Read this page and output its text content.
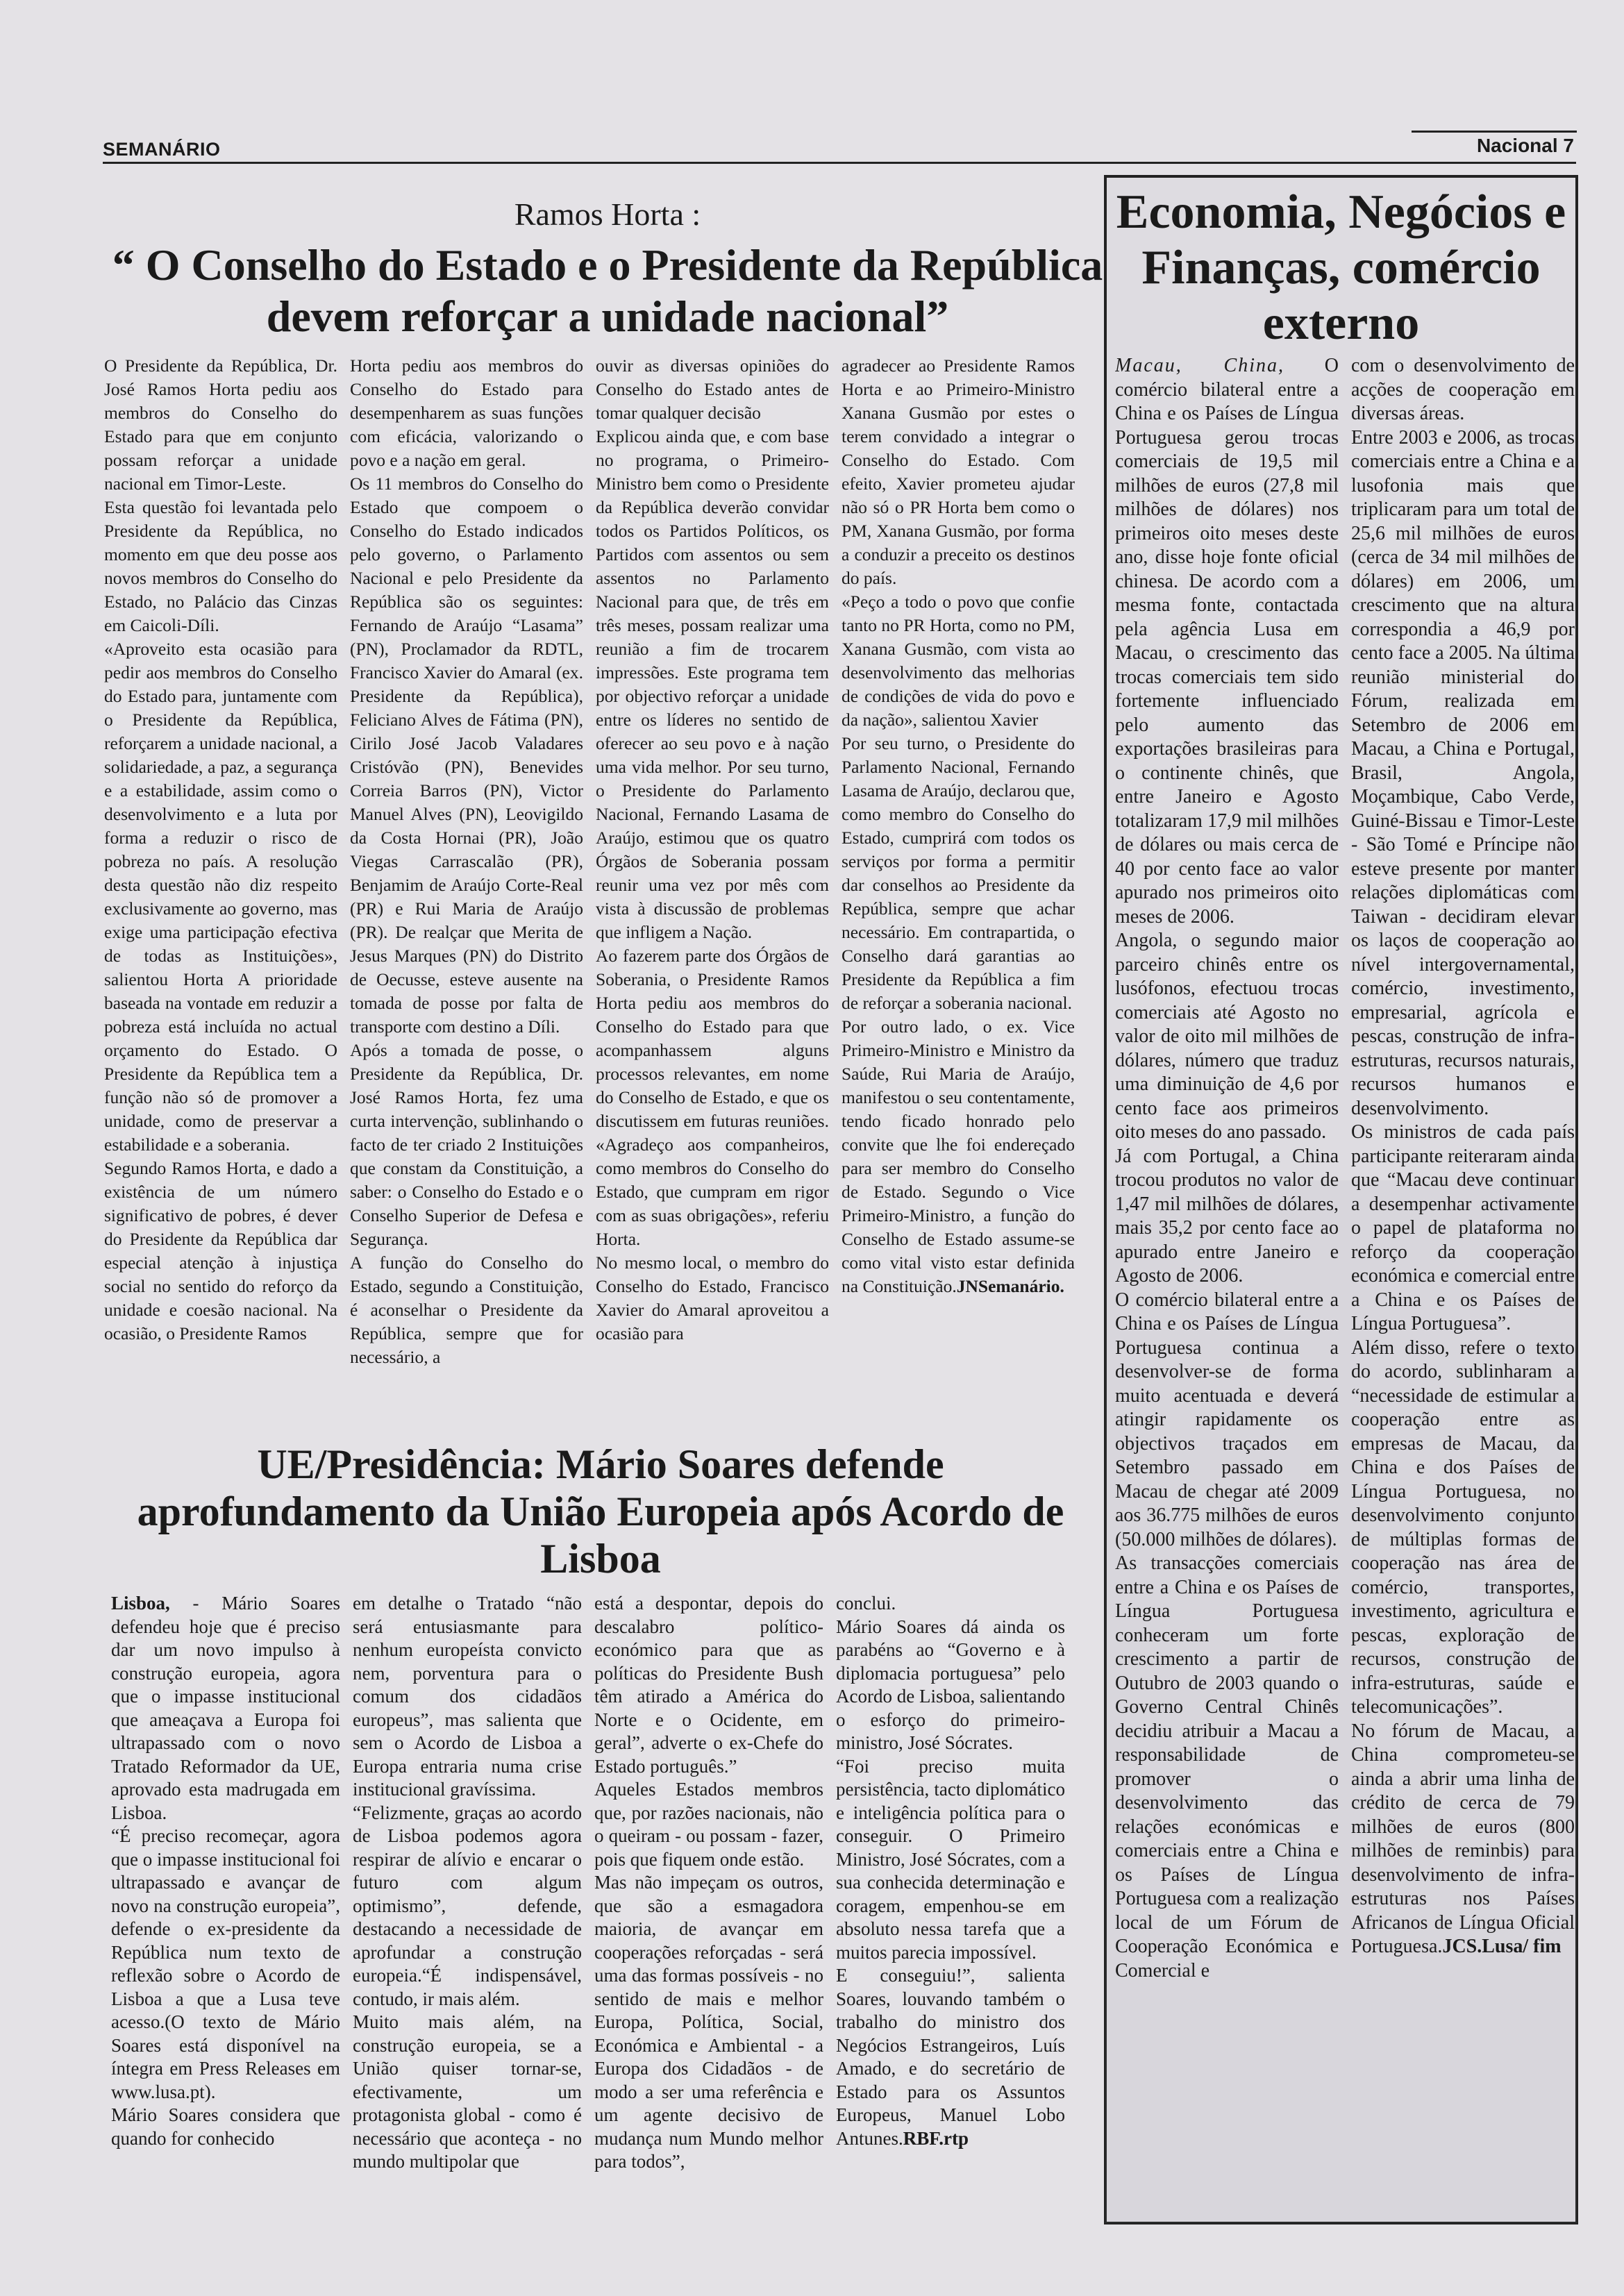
SEMANÁRIO	Nacional 7
Ramos Horta :
“ O Conselho do Estado e o Presidente da República devem reforçar a unidade nacional”

O Presidente da República, Dr. José Ramos Horta pediu aos membros do Conselho do Estado para que em conjunto possam reforçar a unidade nacional em Timor-Leste.

Esta questão foi levantada pelo Presidente da República, no momento em que deu posse aos novos membros do Conselho do Estado, no Palácio das Cinzas em Caicoli-Díli.

«Aproveito esta ocasião para pedir aos membros do Conselho do Estado para, juntamente com o Presidente da República, reforçarem a unidade nacional, a solidariedade, a paz, a segurança e a estabilidade, assim como o desenvolvimento e a luta por forma a reduzir o risco de pobreza no país. A resolução desta questão não diz respeito exclusivamente ao governo, mas exige uma participação efectiva de todas as Instituições», salientou Horta A prioridade baseada na vontade em reduzir a pobreza está incluída no actual orçamento do Estado. O Presidente da República tem a função não só de promover a unidade, como de preservar a estabilidade e a soberania.

Segundo Ramos Horta, e dado a existência de um número significativo de pobres, é dever do Presidente da República dar especial atenção à injustiça social no sentido do reforço da unidade e coesão nacional. Na ocasião, o Presidente Ramos

Horta pediu aos membros do Conselho do Estado para desempenharem as suas funções com eficácia, valorizando o povo e a nação em geral.

Os 11 membros do Conselho do Estado que compoem o Conselho do Estado indicados pelo governo, o Parlamento Nacional e pelo Presidente da República são os seguintes: Fernando de Araújo “Lasama” (PN), Proclamador da RDTL, Francisco Xavier do Amaral (ex. Presidente da República), Feliciano Alves de Fátima (PN), Cirilo José Jacob Valadares Cristóvão (PN), Benevides Correia Barros (PN), Victor Manuel Alves (PN), Leovigildo da Costa Hornai (PR), João Viegas Carrascalão (PR), Benjamim de Araújo Corte-Real (PR) e Rui Maria de Araújo (PR). De realçar que Merita de Jesus Marques (PN) do Distrito de Oecusse, esteve ausente na tomada de posse por falta de transporte com destino a Díli.

Após a tomada de posse, o Presidente da República, Dr. José Ramos Horta, fez uma curta intervenção, sublinhando o facto de ter criado 2 Instituições que constam da Constituição, a saber: o Conselho do Estado e o Conselho Superior de Defesa e Segurança.

A função do Conselho do Estado, segundo a Constituição, é aconselhar o Presidente da República, sempre que for necessário, a

ouvir as diversas opiniões do Conselho do Estado antes de tomar qualquer decisão

Explicou ainda que, e com base no programa, o Primeiro-Ministro bem como o Presidente da República deverão convidar todos os Partidos Políticos, os Partidos com assentos ou sem assentos no Parlamento Nacional para que, de três em três meses, possam realizar uma reunião a fim de trocarem impressões. Este programa tem por objectivo reforçar a unidade entre os líderes no sentido de oferecer ao seu povo e à nação uma vida melhor. Por seu turno, o Presidente do Parlamento Nacional, Fernando Lasama de Araújo, estimou que os quatro Órgãos de Soberania possam reunir uma vez por mês com vista à discussão de problemas que infligem a Nação.

Ao fazerem parte dos Órgãos de Soberania, o Presidente Ramos Horta pediu aos membros do Conselho do Estado para que acompanhassem alguns processos relevantes, em nome do Conselho de Estado, e que os discutissem em futuras reuniões. «Agradeço aos companheiros, como membros do Conselho do Estado, que cumpram em rigor com as suas obrigações», referiu Horta.

No mesmo local, o membro do Conselho do Estado, Francisco Xavier do Amaral aproveitou a ocasião para

agradecer ao Presidente Ramos Horta e ao Primeiro-Ministro Xanana Gusmão por estes o terem convidado a integrar o Conselho do Estado. Com efeito, Xavier prometeu ajudar não só o PR Horta bem como o PM, Xanana Gusmão, por forma a conduzir a preceito os destinos do país.

«Peço a todo o povo que confie tanto no PR Horta, como no PM, Xanana Gusmão, com vista ao desenvolvimento das melhorias de condições de vida do povo e da nação», salientou Xavier

Por seu turno, o Presidente do Parlamento Nacional, Fernando Lasama de Araújo, declarou que, como membro do Conselho do Estado, cumprirá com todos os serviços por forma a permitir dar conselhos ao Presidente da República, sempre que achar necessário. Em contrapartida, o Conselho dará garantias ao Presidente da República a fim de reforçar a soberania nacional.

Por outro lado, o ex. Vice Primeiro-Ministro e Ministro da Saúde, Rui Maria de Araújo, manifestou o seu contentamente, tendo ficado honrado pelo convite que lhe foi endereçado para ser membro do Conselho de Estado. Segundo o Vice Primeiro-Ministro, a função do Conselho de Estado assume-se como vital visto estar definida na Constituição.JNSemanário.

UE/Presidência: Mário Soares defende aprofundamento da União Europeia após Acordo de Lisboa

Lisboa, - Mário Soares defendeu hoje que é preciso dar um novo impulso à construção europeia, agora que o impasse institucional que ameaçava a Europa foi ultrapassado com o novo Tratado Reformador da UE, aprovado esta madrugada em Lisboa.

“É preciso recomeçar, agora que o impasse institucional foi ultrapassado e avançar de novo na construção europeia”, defende o ex-presidente da República num texto de reflexão sobre o Acordo de Lisboa a que a Lusa teve acesso.(O texto de Mário Soares está disponível na íntegra em Press Releases em www.lusa.pt).

Mário Soares considera que quando for conhecido

em detalhe o Tratado “não será entusiasmante para nenhum europeísta convicto nem, porventura para o comum dos cidadãos europeus”, mas salienta que sem o Acordo de Lisboa a Europa entraria numa crise institucional gravíssima.

“Felizmente, graças ao acordo de Lisboa podemos agora respirar de alívio e encarar o futuro com algum optimismo”, defende, destacando a necessidade de aprofundar a construção europeia.“É indispensável, contudo, ir mais além.

Muito mais além, na construção europeia, se a União quiser tornar-se, efectivamente, um protagonista global - como é necessário que aconteça - no mundo multipolar que

está a despontar, depois do descalabro político-económico para que as políticas do Presidente Bush têm atirado a América do Norte e o Ocidente, em geral”, adverte o ex-Chefe do Estado português.”

Aqueles Estados membros que, por razões nacionais, não o queiram - ou possam - fazer, pois que fiquem onde estão.

Mas não impeçam os outros, que são a esmagadora maioria, de avançar em cooperações reforçadas - será uma das formas possíveis - no sentido de mais e melhor Europa, Política, Social, Económica e Ambiental - a Europa dos Cidadãos - de modo a ser uma referência e um agente decisivo de mudança num Mundo melhor para todos”,

conclui.

Mário Soares dá ainda os parabéns ao “Governo e à diplomacia portuguesa” pelo Acordo de Lisboa, salientando o esforço do primeiro-ministro, José Sócrates.

“Foi preciso muita persistência, tacto diplomático e inteligência política para o conseguir. O Primeiro Ministro, José Sócrates, com a sua conhecida determinação e coragem, empenhou-se em absoluto nessa tarefa que a muitos parecia impossível.

E conseguiu!”, salienta Soares, louvando também o trabalho do ministro dos Negócios Estrangeiros, Luís Amado, e do secretário de Estado para os Assuntos Europeus, Manuel Lobo Antunes.RBF.rtp

Economia, Negócios e Finanças, comércio externo

Macau, China, O comércio bilateral entre a China e os Países de Língua Portuguesa gerou trocas comerciais de 19,5 mil milhões de euros (27,8 mil milhões de dólares) nos primeiros oito meses deste ano, disse hoje fonte oficial chinesa. De acordo com a mesma fonte, contactada pela agência Lusa em Macau, o crescimento das trocas comerciais tem sido fortemente influenciado pelo aumento das exportações brasileiras para o continente chinês, que entre Janeiro e Agosto totalizaram 17,9 mil milhões de dólares ou mais cerca de 40 por cento face ao valor apurado nos primeiros oito meses de 2006.

Angola, o segundo maior parceiro chinês entre os lusófonos, efectuou trocas comerciais até Agosto no valor de oito mil milhões de dólares, número que traduz uma diminuição de 4,6 por cento face aos primeiros oito meses do ano passado.

Já com Portugal, a China trocou produtos no valor de 1,47 mil milhões de dólares, mais 35,2 por cento face ao apurado entre Janeiro e Agosto de 2006.

O comércio bilateral entre a China e os Países de Língua Portuguesa continua a desenvolver-se de forma muito acentuada e deverá atingir rapidamente os objectivos traçados em Setembro passado em Macau de chegar até 2009 aos 36.775 milhões de euros (50.000 milhões de dólares).

As transacções comerciais entre a China e os Países de Língua Portuguesa conheceram um forte crescimento a partir de Outubro de 2003 quando o Governo Central Chinês decidiu atribuir a Macau a responsabilidade de promover o desenvolvimento das relações económicas e comerciais entre a China e os Países de Língua Portuguesa com a realização local de um Fórum de Cooperação Económica e Comercial e

com o desenvolvimento de acções de cooperação em diversas áreas.

Entre 2003 e 2006, as trocas comerciais entre a China e a lusofonia mais que triplicaram para um total de 25,6 mil milhões de euros (cerca de 34 mil milhões de dólares) em 2006, um crescimento que na altura correspondia a 46,9 por cento face a 2005. Na última reunião ministerial do Fórum, realizada em Setembro de 2006 em Macau, a China e Portugal, Brasil, Angola, Moçambique, Cabo Verde, Guiné-Bissau e Timor-Leste - São Tomé e Príncipe não esteve presente por manter relações diplomáticas com Taiwan - decidiram elevar os laços de cooperação ao nível intergovernamental, comércio, investimento, empresarial, agrícola e pescas, construção de infra-estruturas, recursos naturais, recursos humanos e desenvolvimento.

Os ministros de cada país participante reiteraram ainda que “Macau deve continuar a desempenhar activamente o papel de plataforma no reforço da cooperação económica e comercial entre a China e os Países de Língua Portuguesa”.

Além disso, refere o texto do acordo, sublinharam a “necessidade de estimular a cooperação entre as empresas de Macau, da China e dos Países de Língua Portuguesa, no desenvolvimento conjunto de múltiplas formas de cooperação nas área de comércio, transportes, investimento, agricultura e pescas, exploração de recursos, construção de infra-estruturas, saúde e telecomunicações”.

No fórum de Macau, a China comprometeu-se ainda a abrir uma linha de crédito de cerca de 79 milhões de euros (800 milhões de reminbis) para desenvolvimento de infra-estruturas nos Países Africanos de Língua Oficial Portuguesa.JCS.Lusa/ fim
